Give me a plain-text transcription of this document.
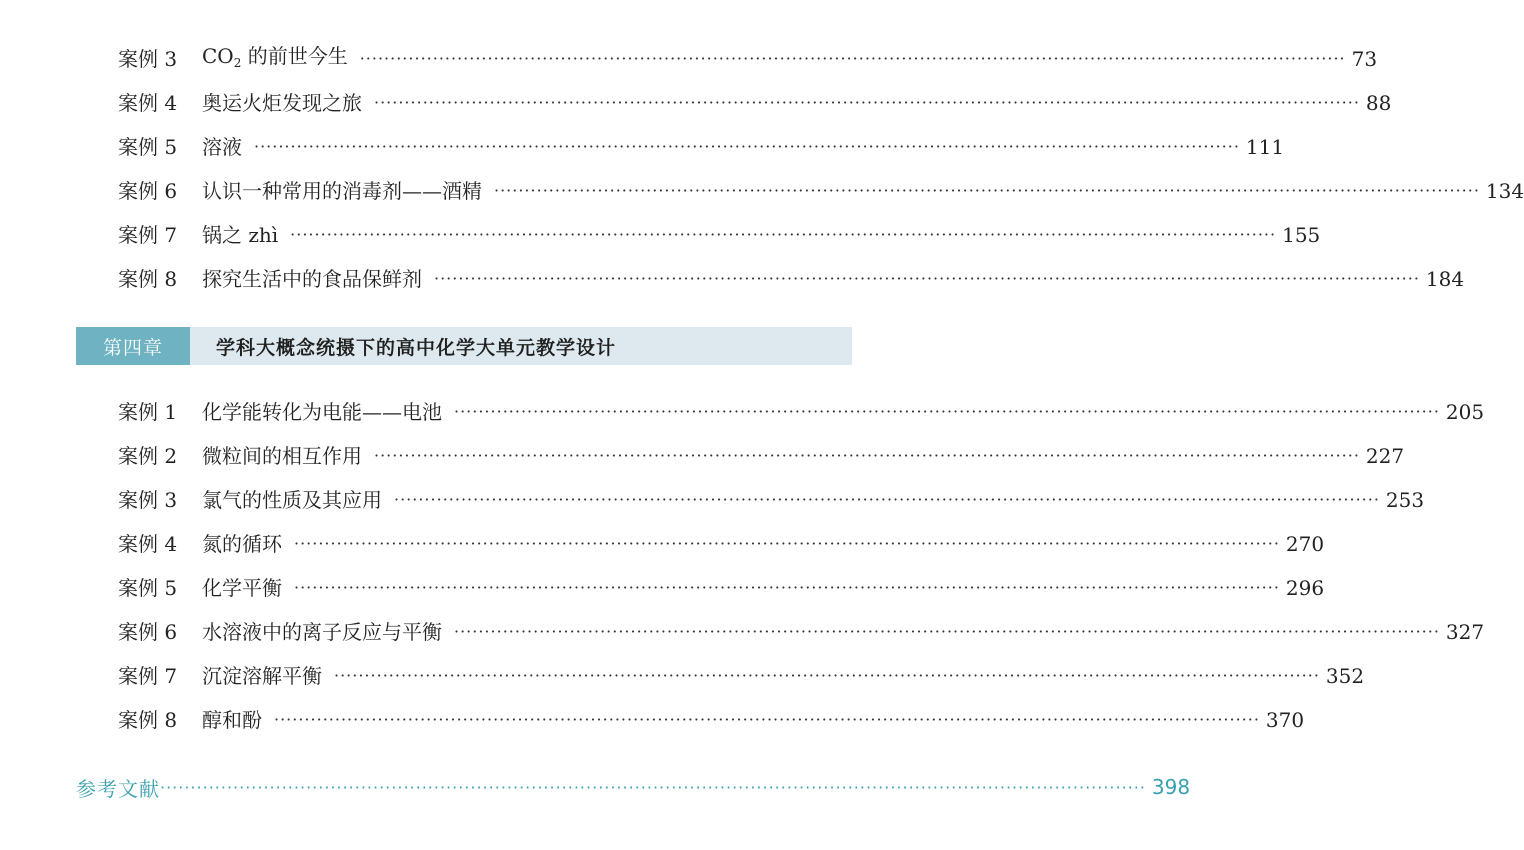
案例 3	$CO_2$ 的前世今生 ·································································································································································· 73
案例 4	奥运火炬发现之旅 ·································································································································································· 88
案例 5	溶液 ·································································································································································· 111
案例 6	认识一种常用的消毒剂——酒精 ·································································································································································· 134
案例 7	锅之 zhì ·································································································································································· 155
案例 8	探究生活中的食品保鲜剂 ·································································································································································· 184
第四章	学科大概念统摄下的高中化学大单元教学设计
案例 1	化学能转化为电能——电池 ·································································································································································· 205
案例 2	微粒间的相互作用 ·································································································································································· 227
案例 3	氯气的性质及其应用 ·································································································································································· 253
案例 4	氮的循环 ·································································································································································· 270
案例 5	化学平衡 ·································································································································································· 296
案例 6	水溶液中的离子反应与平衡 ·································································································································································· 327
案例 7	沉淀溶解平衡 ·································································································································································· 352
案例 8	醇和酚 ·································································································································································· 370
参考文献 ·································································································································································· 398
